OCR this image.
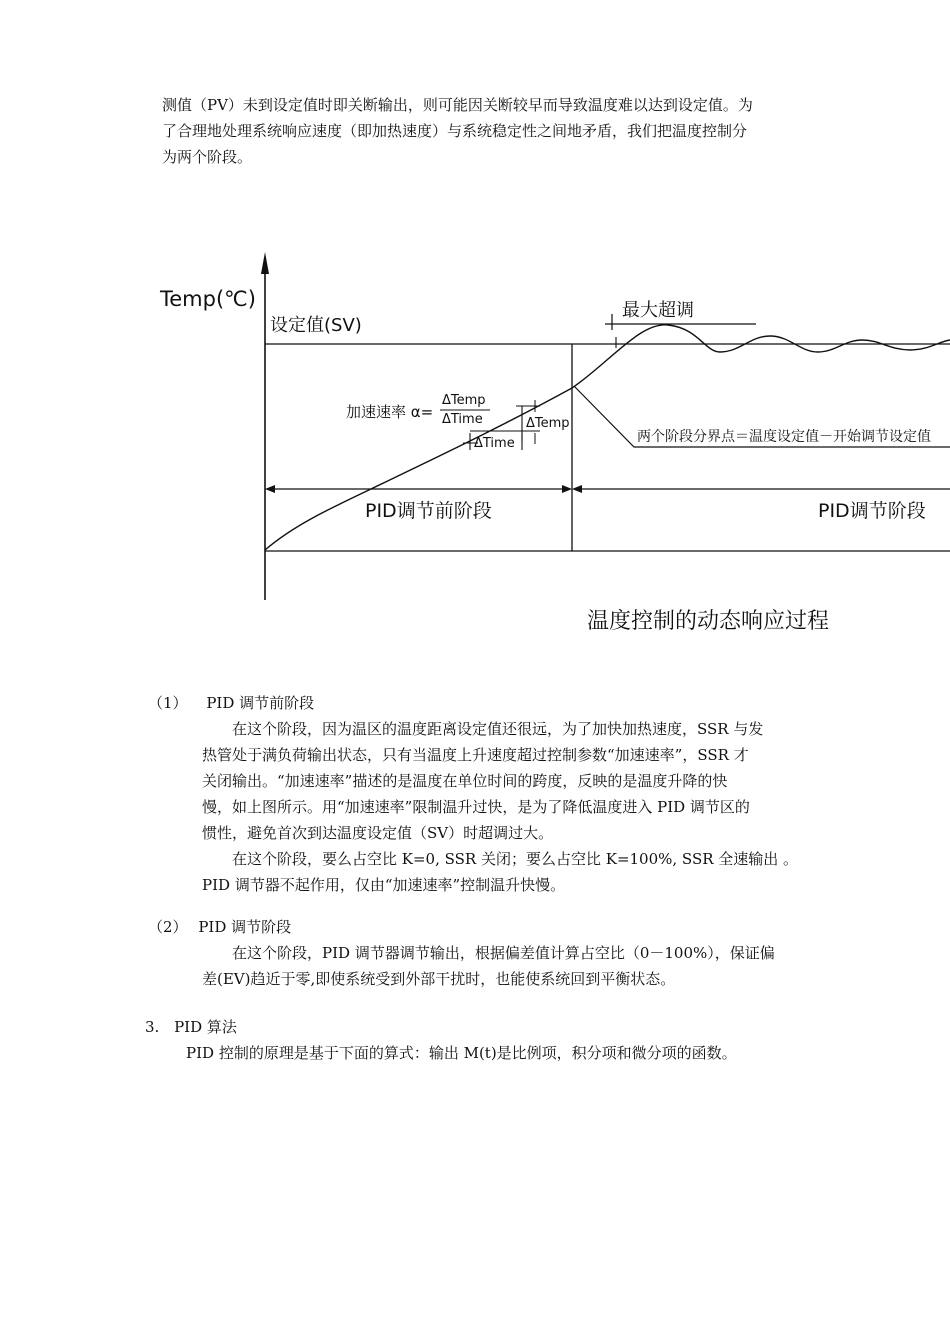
测值（PV）未到设定值时即关断输出，则可能因关断较早而导致温度难以达到设定值。为

了合理地处理系统响应速度（即加热速度）与系统稳定性之间地矛盾，我们把温度控制分

为两个阶段。

Temp(℃)
设定值(SV)
PID调节前阶段	PID调节阶段
最大超调
加速速率 α=
ΔTemp
ΔTime	ΔTemp
ΔTime	两个阶段分界点＝温度设定值－开始调节设定值
温度控制的动态响应过程
（1） PID 调节前阶段

在这个阶段，因为温区的温度距离设定值还很远，为了加快加热速度，SSR 与发

热管处于满负荷输出状态，只有当温度上升速度超过控制参数“加速速率”，SSR 才

关闭输出。“加速速率”描述的是温度在单位时间的跨度，反映的是温度升降的快

慢，如上图所示。用“加速速率”限制温升过快，是为了降低温度进入 PID 调节区的

惯性，避免首次到达温度设定值（SV）时超调过大。

在这个阶段，要么占空比 K=0, SSR 关闭；要么占空比 K=100%, SSR 全速输出 。

PID 调节器不起作用，仅由“加速速率”控制温升快慢。

（2） PID 调节阶段

在这个阶段，PID 调节器调节输出，根据偏差值计算占空比（0－100%），保证偏

差(EV)趋近于零,即使系统受到外部干扰时，也能使系统回到平衡状态。

3. PID 算法

PID 控制的原理是基于下面的算式：输出 M(t)是比例项，积分项和微分项的函数。
